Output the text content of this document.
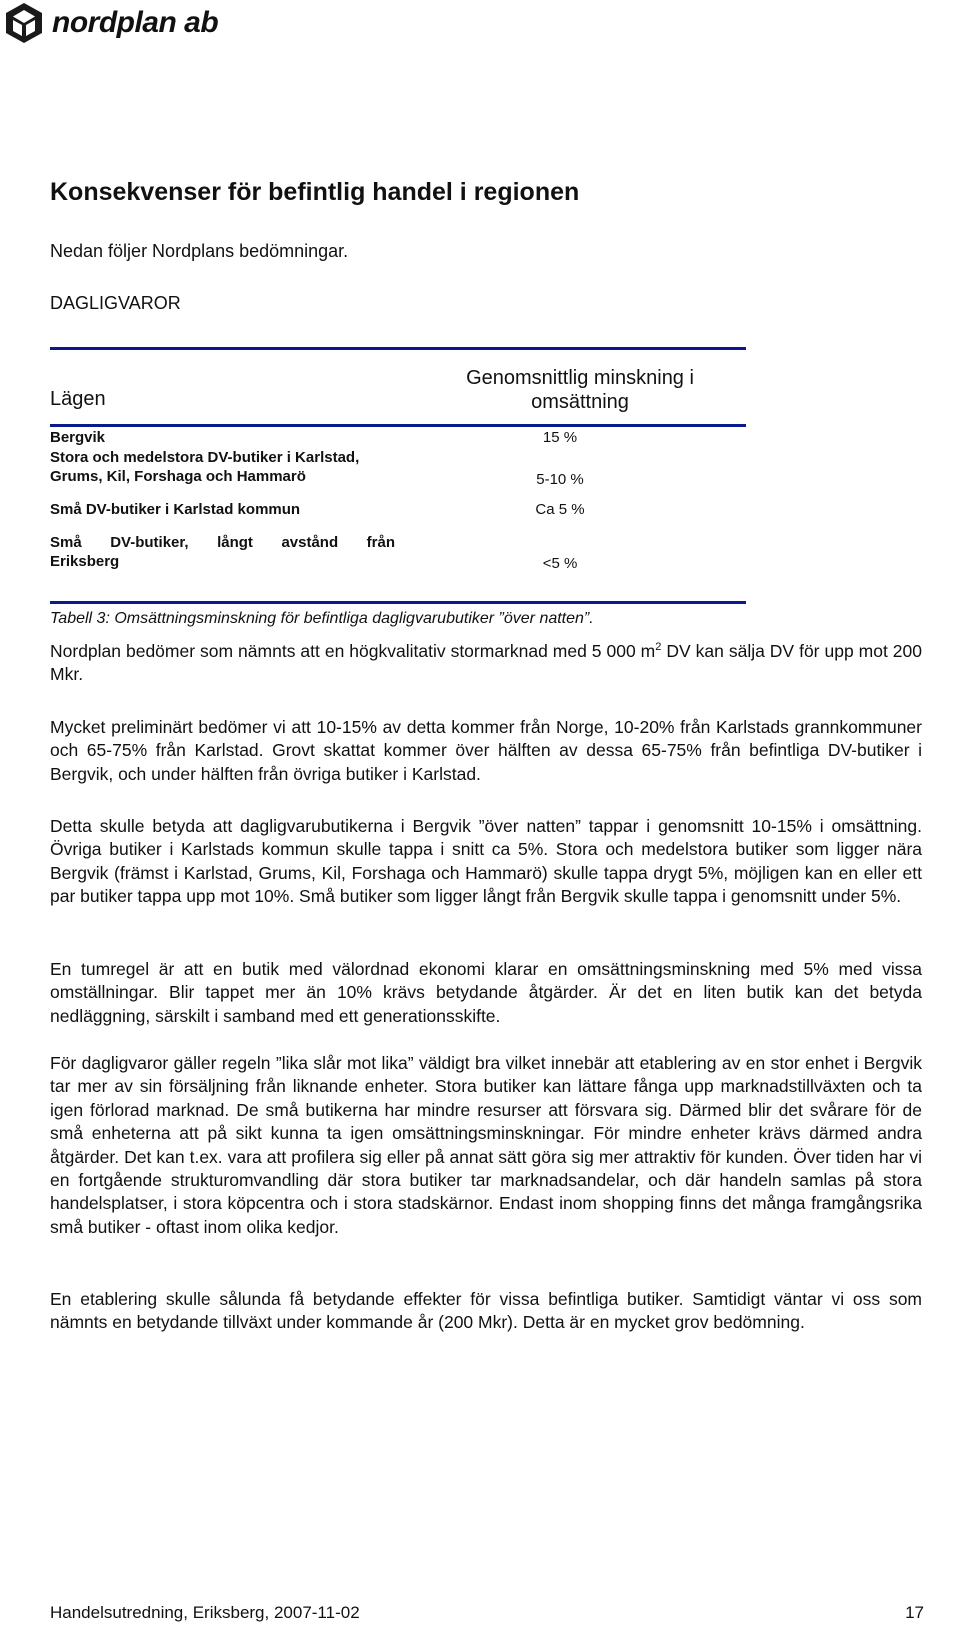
nordplan ab
Konsekvenser för befintlig handel i regionen
Nedan följer Nordplans bedömningar.
DAGLIGVAROR
Lägen
Genomsnittlig minskning i
omsättning
Bergvik	15 %
Stora och medelstora DV-butiker i Karlstad,
Grums, Kil, Forshaga och Hammarö	5-10 %
Små DV-butiker i Karlstad kommun	Ca 5 %
Små DV-butiker, långt avstånd från
Eriksberg	<5 %
Tabell 3: Omsättningsminskning för befintliga dagligvarubutiker ”över natten”.

Nordplan bedömer som nämnts att en högkvalitativ stormarknad med 5 000 $m^2$ DV kan sälja DV för upp mot 200 Mkr.

Mycket preliminärt bedömer vi att 10-15% av detta kommer från Norge, 10-20% från Karlstads grannkommuner och 65-75% från Karlstad. Grovt skattat kommer över hälften av dessa 65-75% från befintliga DV-butiker i Bergvik, och under hälften från övriga butiker i Karlstad.

Detta skulle betyda att dagligvarubutikerna i Bergvik ”över natten” tappar i genomsnitt 10-15% i omsättning. Övriga butiker i Karlstads kommun skulle tappa i snitt ca 5%. Stora och medelstora butiker som ligger nära Bergvik (främst i Karlstad, Grums, Kil, Forshaga och Hammarö) skulle tappa drygt 5%, möjligen kan en eller ett par butiker tappa upp mot 10%. Små butiker som ligger långt från Bergvik skulle tappa i genomsnitt under 5%.

En tumregel är att en butik med välordnad ekonomi klarar en omsättningsminskning med 5% med vissa omställningar. Blir tappet mer än 10% krävs betydande åtgärder. Är det en liten butik kan det betyda nedläggning, särskilt i samband med ett generationsskifte.

För dagligvaror gäller regeln ”lika slår mot lika” väldigt bra vilket innebär att etablering av en stor enhet i Bergvik tar mer av sin försäljning från liknande enheter. Stora butiker kan lättare fånga upp marknadstillväxten och ta igen förlorad marknad. De små butikerna har mindre resurser att försvara sig. Därmed blir det svårare för de små enheterna att på sikt kunna ta igen omsättningsminskningar. För mindre enheter krävs därmed andra åtgärder. Det kan t.ex. vara att profilera sig eller på annat sätt göra sig mer attraktiv för kunden. Över tiden har vi en fortgående strukturomvandling där stora butiker tar marknadsandelar, och där handeln samlas på stora handelsplatser, i stora köpcentra och i stora stadskärnor. Endast inom shopping finns det många framgångsrika små butiker - oftast inom olika kedjor.

En etablering skulle sålunda få betydande effekter för vissa befintliga butiker. Samtidigt väntar vi oss som nämnts en betydande tillväxt under kommande år (200 Mkr). Detta är en mycket grov bedömning.

Handelsutredning, Eriksberg, 2007-11-02	17
